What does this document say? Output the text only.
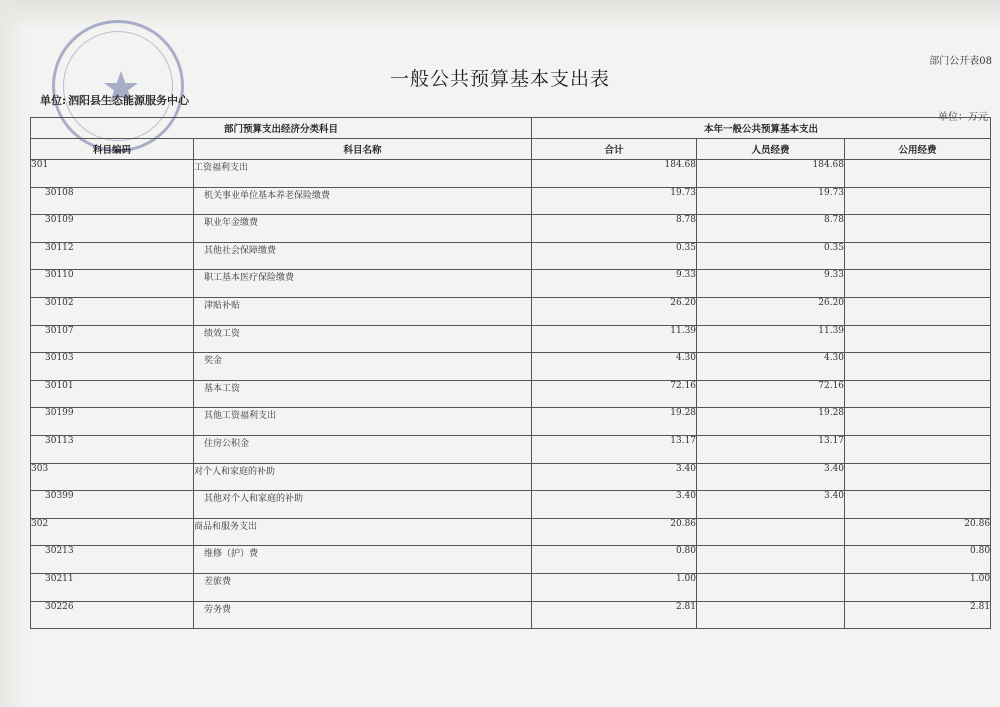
部门公开表08
一般公共预算基本支出表
单位: 泗阳县生态能源服务中心
单位：万元
部门预算支出经济分类科目		本年一般公共预算基本支出		
科目编码	科目名称	合计	人员经费	公用经费
301	工资福利支出	184.68	184.68	
30108	机关事业单位基本养老保险缴费	19.73	19.73	
30109	职业年金缴费	8.78	8.78	
30112	其他社会保障缴费	0.35	0.35	
30110	职工基本医疗保险缴费	9.33	9.33	
30102	津贴补贴	26.20	26.20	
30107	绩效工资	11.39	11.39	
30103	奖金	4.30	4.30	
30101	基本工资	72.16	72.16	
30199	其他工资福利支出	19.28	19.28	
30113	住房公积金	13.17	13.17	
303	对个人和家庭的补助	3.40	3.40	
30399	其他对个人和家庭的补助	3.40	3.40	
302	商品和服务支出	20.86		20.86
30213	维修（护）费	0.80		0.80
30211	差旅费	1.00		1.00
30226	劳务费	2.81		2.81
